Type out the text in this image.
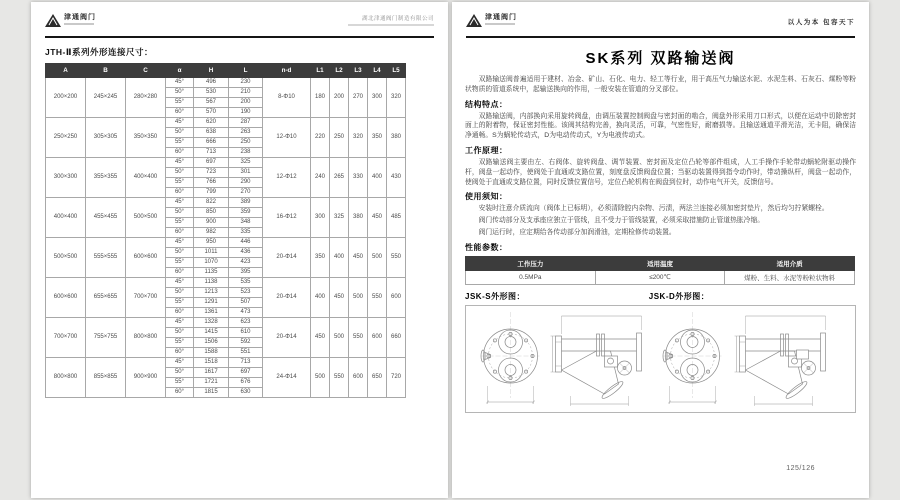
津通阀门	湖北津通阀门制造有限公司
JTH-Ⅱ系列外形连接尺寸：
A	B	C	α	H	L	n-d	L1	L2	L3	L4	L5
200×200	245×245	280×280	45°	496	230	8-Φ10	180	200	270	300	320
			50°	530	210						
			55°	567	200						
			60°	570	190						
250×250	305×305	350×350	45°	620	287	12-Φ10	220	250	320	350	380
			50°	638	263						
			55°	666	250						
			60°	713	238						
300×300	355×355	400×400	45°	697	325	12-Φ12	240	265	330	400	430
			50°	723	301						
			55°	766	290						
			60°	799	270						
400×400	455×455	500×500	45°	822	389	16-Φ12	300	325	380	450	485
			50°	850	359						
			55°	900	348						
			60°	982	335						
500×500	555×555	600×600	45°	950	446	20-Φ14	350	400	450	500	550
			50°	1011	436						
			55°	1070	423						
			60°	1135	395						
600×600	655×655	700×700	45°	1138	535	20-Φ14	400	450	500	550	600
			50°	1213	523						
			55°	1291	507						
			60°	1361	473						
700×700	755×755	800×800	45°	1328	623	20-Φ14	450	500	550	600	660
			50°	1415	610						
			55°	1506	592						
			60°	1588	551						
800×800	855×855	900×900	45°	1518	713	24-Φ14	500	550	600	650	720
			50°	1617	697						
			55°	1721	676						
			60°	1815	630						
津通阀门
以人为本 包容天下
SK系列 双路输送阀

双路输送阀普遍适用于建材、冶金、矿山、石化、电力、轻工等行业，用于高压气力输送水泥、水泥生料、石灰石、煤粉等粉状物质的管道系统中，起输送换向的作用，一般安装在管道的分叉部位。

结构特点：

双路输送阀，内部换向采用旋转阀盘，由调压装置控制阀盘与密封面的啮合，阀盘外形采用刀口形式，以便在运动中切除密封面上的附着物，保证密封性能。该阀其结构完善，换向灵活，可靠，气密性好，耐磨损等。且输送通道平滑光洁，无卡阻，确保洁净通畅。S为蜗轮传动式，D为电动传动式，Y为电液传动式。

工作原理：

双路输送阀主要由左、右阀体、旋转阀盘、调节装置、密封面及定位凸轮等部件组成，人工手操作手轮带动蜗轮附驱动操作杆，阀盘一起动作，使阀处于直通或支路位置，刻度盘反馈阀盘位置；当驱动装置得到指令动作时，带动操纵杆，阀盘一起动作，使阀处于直通或支路位置，同时反馈位置信号，定位凸轮机构在阀盘到位时，动作电气开关，反馈信号。

使用须知：

安装时注意介质流向（阀体上已标明），必须清除腔内杂物、污渍，两法兰连接必须加密封垫片，然后均匀拧紧螺栓。

阀门传动部分及支承座应独立于管线，且不受力于管线装置，必须采取措施防止管道热胀冷缩。

阀门运行时，应定期给各传动部分加润滑油，定期检修传动装置。

性能参数：
工作压力	适用温度	适用介质
0.5MPa	≤200℃	煤粉、生料、水泥等粉粒状物料
JSK-S外形图：	JSK-D外形图：
125/126
